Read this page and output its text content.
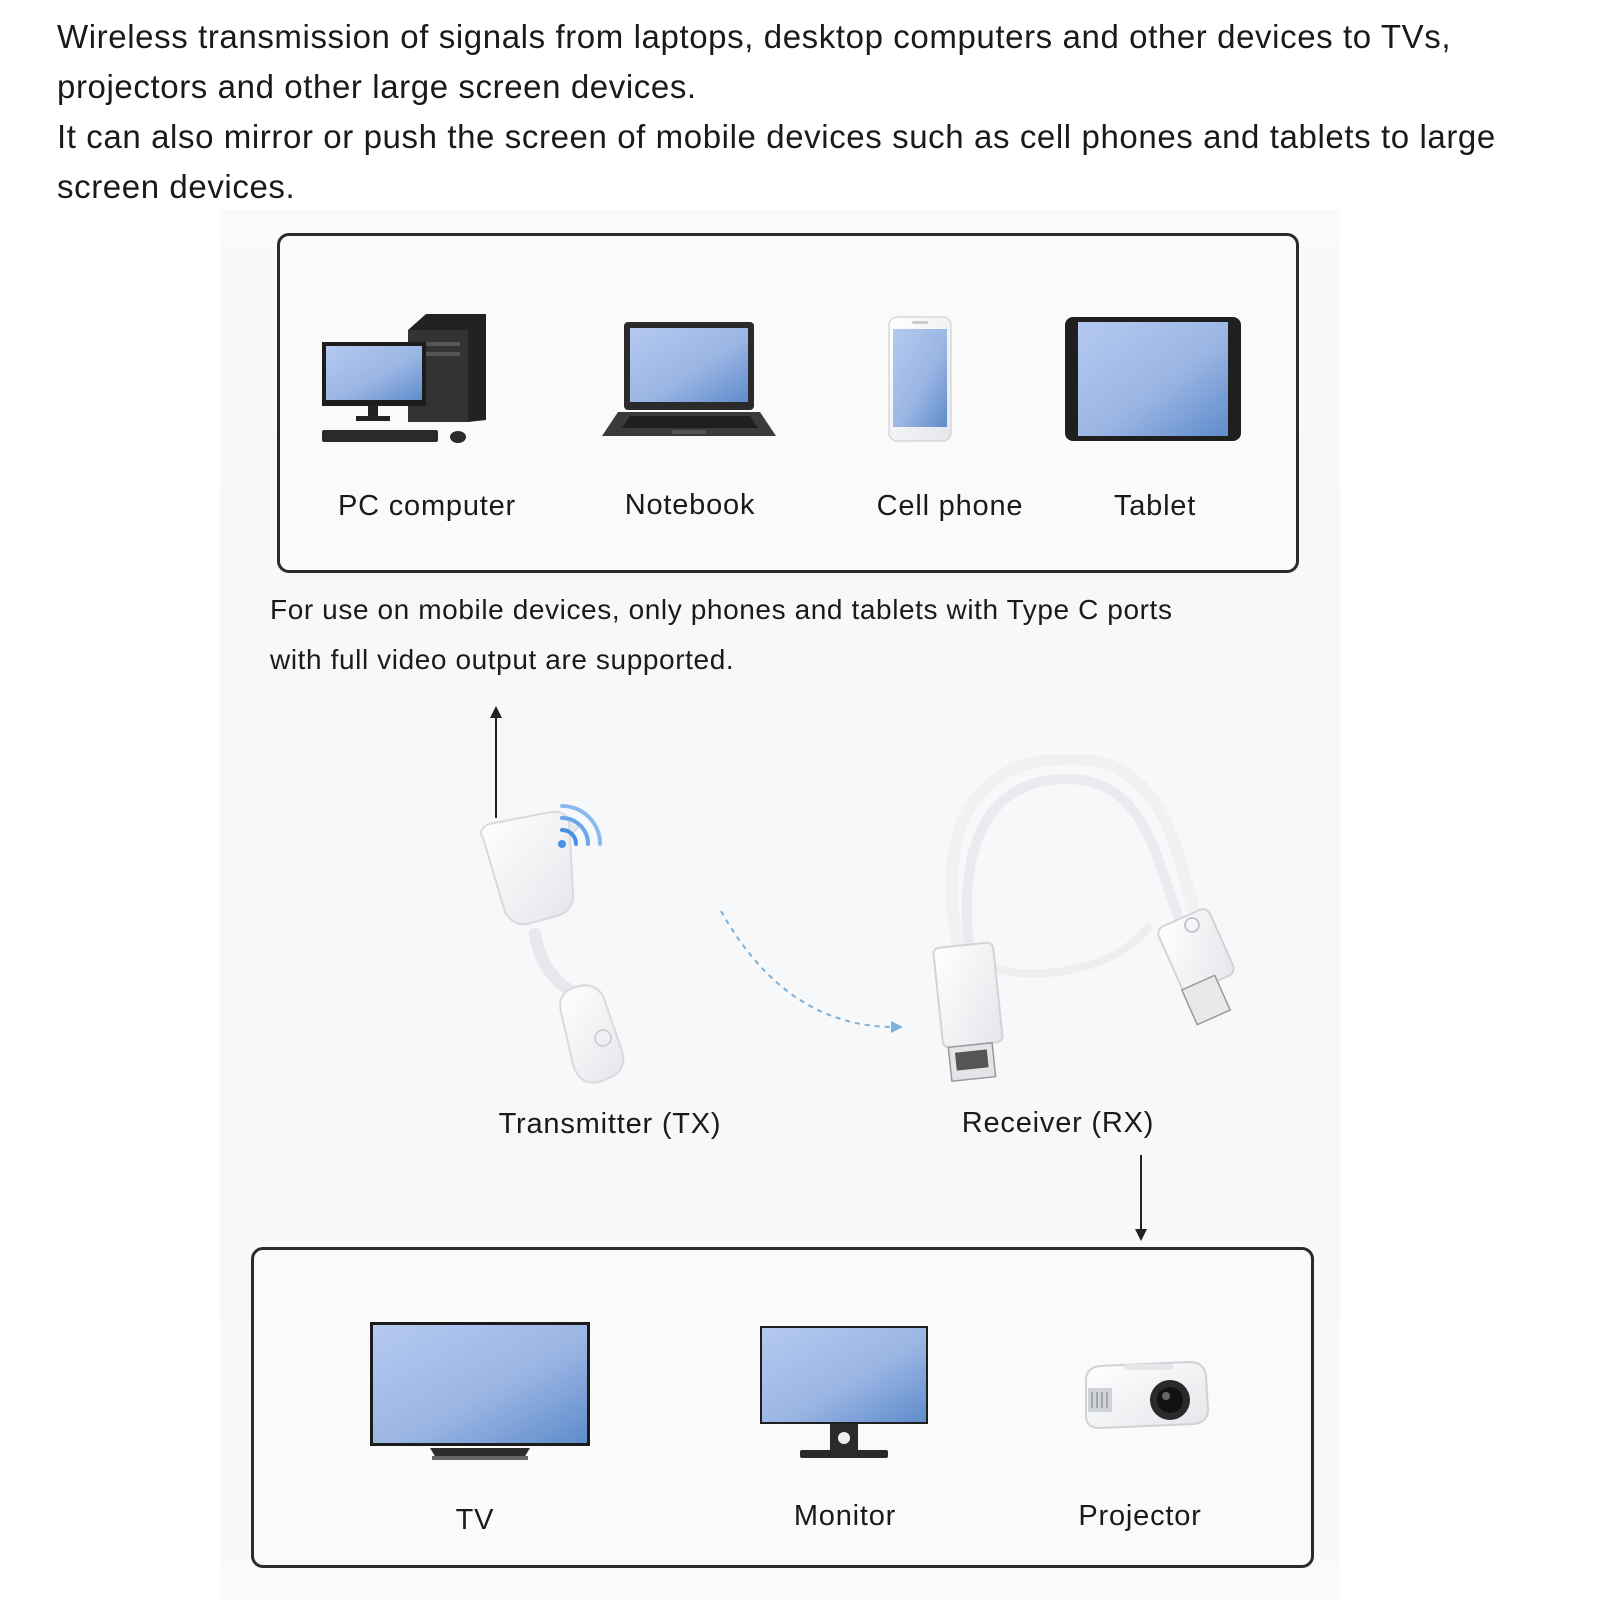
Wireless transmission of signals from laptops, desktop computers and other devices to TVs, projectors and other large screen devices.

It can also mirror or push the screen of mobile devices such as cell phones and tablets to large screen devices.

PC computer	Notebook	Cell phone	Tablet

For use on mobile devices, only phones and tablets with Type C ports

with full video output are supported.

Transmitter (TX)	Receiver (RX)
TV	Monitor	Projector
